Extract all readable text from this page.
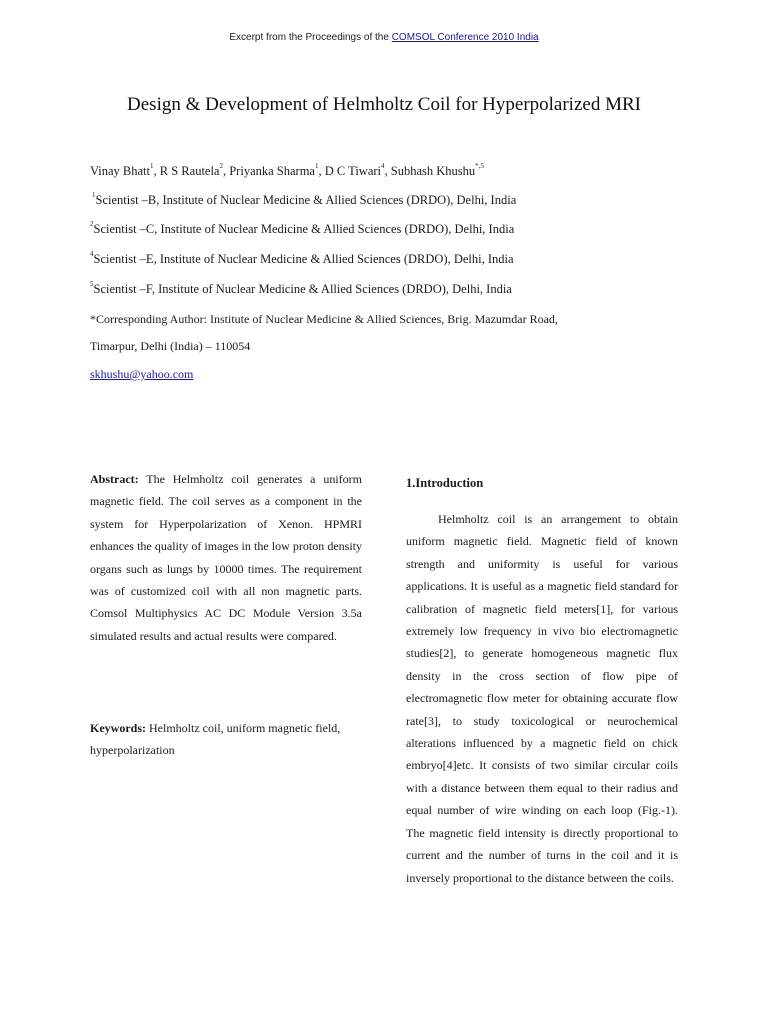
Excerpt from the Proceedings of the COMSOL Conference 2010 India
Design & Development of Helmholtz Coil for Hyperpolarized MRI
Vinay Bhatt$^1$, R S Rautela$^2$, Priyanka Sharma$^1$, D C Tiwari$^4$, Subhash Khushu$^{*,5}$
$^1$Scientist –B, Institute of Nuclear Medicine & Allied Sciences (DRDO), Delhi, India
$^2$Scientist –C, Institute of Nuclear Medicine & Allied Sciences (DRDO), Delhi, India
$^4$Scientist –E, Institute of Nuclear Medicine & Allied Sciences (DRDO), Delhi, India
$^5$Scientist –F, Institute of Nuclear Medicine & Allied Sciences (DRDO), Delhi, India
*Corresponding Author: Institute of Nuclear Medicine & Allied Sciences, Brig. Mazumdar Road,
Timarpur, Delhi (India) – 110054
skhushu@yahoo.com

Abstract: The Helmholtz coil generates a uniform magnetic field. The coil serves as a component in the system for Hyperpolarization of Xenon. HPMRI enhances the quality of images in the low proton density organs such as lungs by 10000 times. The requirement was of customized coil with all non magnetic parts. Comsol Multiphysics AC DC Module Version 3.5a simulated results and actual results were compared.

Keywords: Helmholtz coil, uniform magnetic field, hyperpolarization

1.Introduction

Helmholtz coil is an arrangement to obtain uniform magnetic field. Magnetic field of known strength and uniformity is useful for various applications. It is useful as a magnetic field standard for calibration of magnetic field meters[1], for various extremely low frequency in vivo bio electromagnetic studies[2], to generate homogeneous magnetic flux density in the cross section of flow pipe of electromagnetic flow meter for obtaining accurate flow rate[3], to study toxicological or neurochemical alterations influenced by a magnetic field on chick embryo[4]etc. It consists of two similar circular coils with a distance between them equal to their radius and equal number of wire winding on each loop (Fig.-1). The magnetic field intensity is directly proportional to current and the number of turns in the coil and it is inversely proportional to the distance between the coils.
